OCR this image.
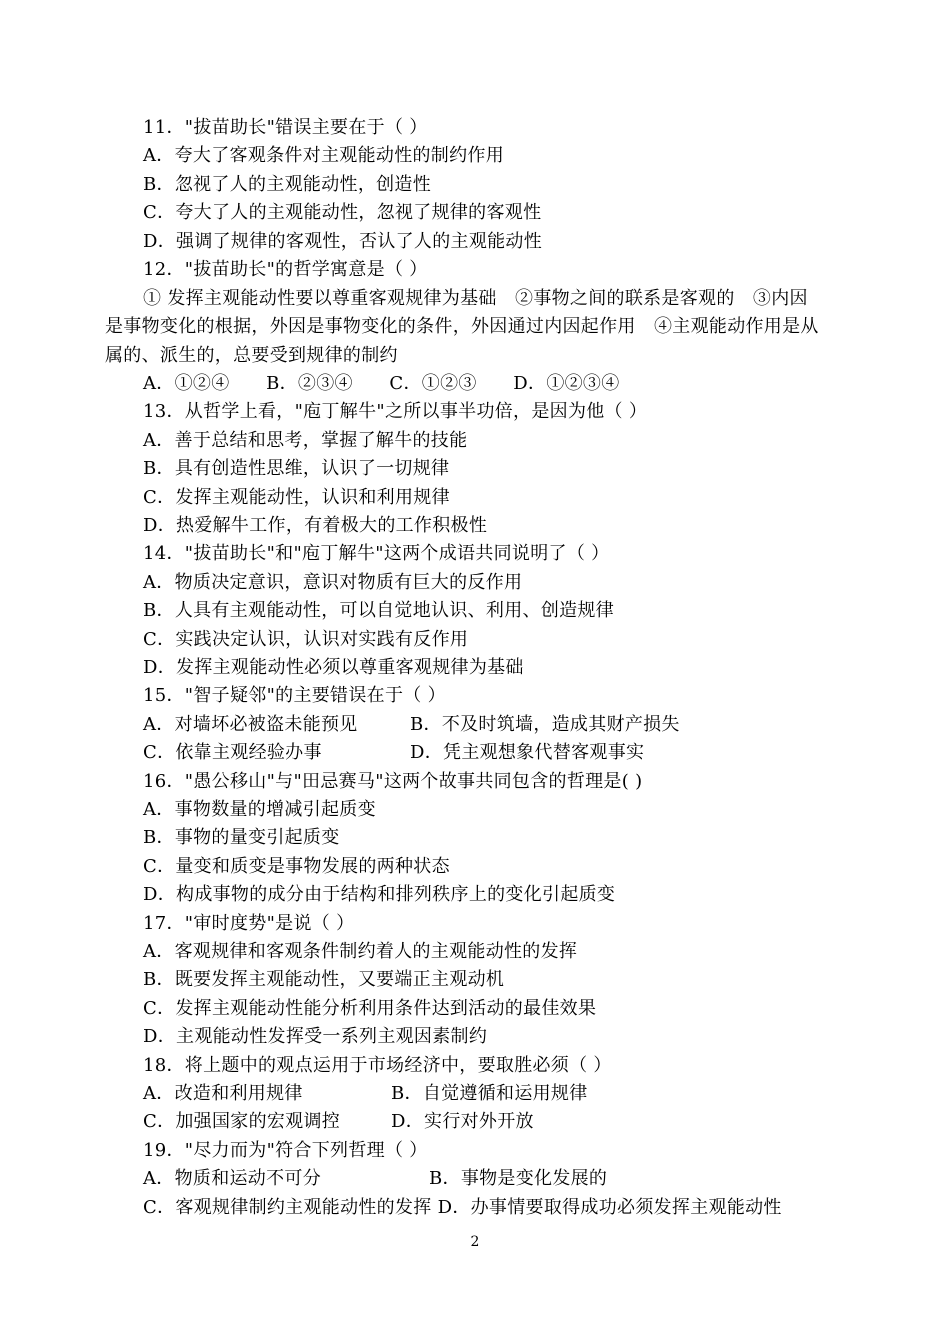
11．"拔苗助长"错误主要在于（ ）
A．夸大了客观条件对主观能动性的制约作用
B．忽视了人的主观能动性，创造性
C．夸大了人的主观能动性，忽视了规律的客观性
D．强调了规律的客观性，否认了人的主观能动性
12．"拔苗助长"的哲学寓意是（ ）
① 发挥主观能动性要以尊重客观规律为基础　②事物之间的联系是客观的　③内因
是事物变化的根据，外因是事物变化的条件，外因通过内因起作用　④主观能动作用是从
属的、派生的，总要受到规律的制约
A．①②④　　B．②③④　　C．①②③　　D．①②③④
13．从哲学上看，"庖丁解牛"之所以事半功倍，是因为他（ ）
A．善于总结和思考，掌握了解牛的技能
B．具有创造性思维，认识了一切规律
C．发挥主观能动性，认识和利用规律
D．热爱解牛工作，有着极大的工作积极性
14．"拔苗助长"和"庖丁解牛"这两个成语共同说明了（ ）
A．物质决定意识，意识对物质有巨大的反作用
B．人具有主观能动性，可以自觉地认识、利用、创造规律
C．实践决定认识，认识对实践有反作用
D．发挥主观能动性必须以尊重客观规律为基础
15．"智子疑邻"的主要错误在于（ ）
A．对墙坏必被盗未能预见	B．不及时筑墙，造成其财产损失
C．依靠主观经验办事	D．凭主观想象代替客观事实
16．"愚公移山"与"田忌赛马"这两个故事共同包含的哲理是( )
A．事物数量的增减引起质变
B．事物的量变引起质变
C．量变和质变是事物发展的两种状态
D．构成事物的成分由于结构和排列秩序上的变化引起质变
17．"审时度势"是说（ ）
A．客观规律和客观条件制约着人的主观能动性的发挥
B．既要发挥主观能动性，又要端正主观动机
C．发挥主观能动性能分析利用条件达到活动的最佳效果
D．主观能动性发挥受一系列主观因素制约
18．将上题中的观点运用于市场经济中，要取胜必须（ ）
A．改造和利用规律	B．自觉遵循和运用规律
C．加强国家的宏观调控	D．实行对外开放
19．"尽力而为"符合下列哲理（ ）
A．物质和运动不可分	B．事物是变化发展的
C．客观规律制约主观能动性的发挥 D．办事情要取得成功必须发挥主观能动性
2
